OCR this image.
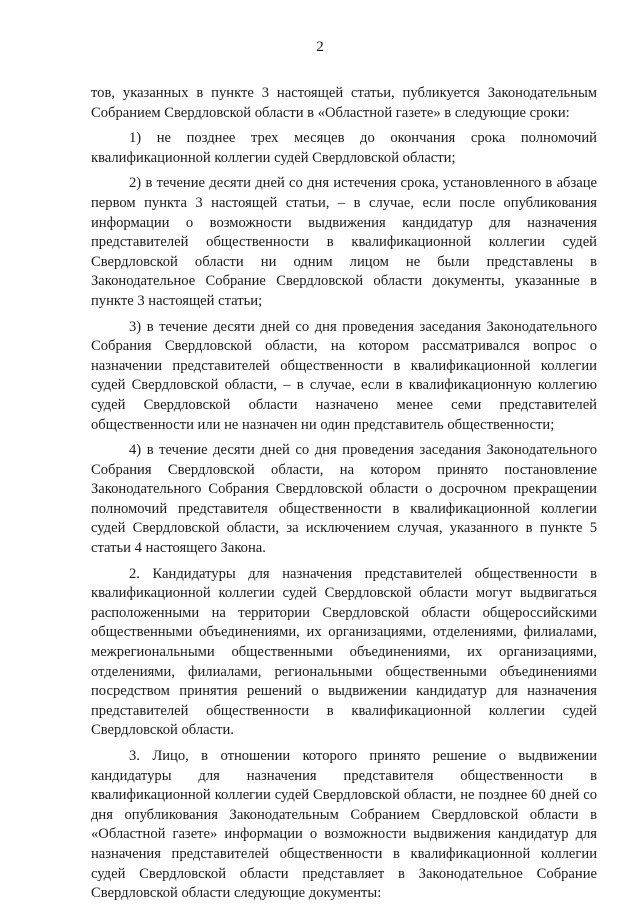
2

тов, указанных в пункте 3 настоящей статьи, публикуется Законодательным Собранием Свердловской области в «Областной газете» в следующие сроки:

1) не позднее трех месяцев до окончания срока полномочий квалификационной коллегии судей Свердловской области;

2) в течение десяти дней со дня истечения срока, установленного в абзаце первом пункта 3 настоящей статьи, – в случае, если после опубликования информации о возможности выдвижения кандидатур для назначения представителей общественности в квалификационной коллегии судей Свердловской области ни одним лицом не были представлены в Законодательное Собрание Свердловской области документы, указанные в пункте 3 настоящей статьи;

3) в течение десяти дней со дня проведения заседания Законодательного Собрания Свердловской области, на котором рассматривался вопрос о назначении представителей общественности в квалификационной коллегии судей Свердловской области, – в случае, если в квалификационную коллегию судей Свердловской области назначено менее семи представителей общественности или не назначен ни один представитель общественности;

4) в течение десяти дней со дня проведения заседания Законодательного Собрания Свердловской области, на котором принято постановление Законодательного Собрания Свердловской области о досрочном прекращении полномочий представителя общественности в квалификационной коллегии судей Свердловской области, за исключением случая, указанного в пункте 5 статьи 4 настоящего Закона.

2. Кандидатуры для назначения представителей общественности в квалификационной коллегии судей Свердловской области могут выдвигаться расположенными на территории Свердловской области общероссийскими общественными объединениями, их организациями, отделениями, филиалами, межрегиональными общественными объединениями, их организациями, отделениями, филиалами, региональными общественными объединениями посредством принятия решений о выдвижении кандидатур для назначения представителей общественности в квалификационной коллегии судей Свердловской области.

3. Лицо, в отношении которого принято решение о выдвижении кандидатуры для назначения представителя общественности в квалификационной коллегии судей Свердловской области, не позднее 60 дней со дня опубликования Законодательным Собранием Свердловской области в «Областной газете» информации о возможности выдвижения кандидатур для назначения представителей общественности в квалификационной коллегии судей Свердловской области представляет в Законодательное Собрание Свердловской области следующие документы:
